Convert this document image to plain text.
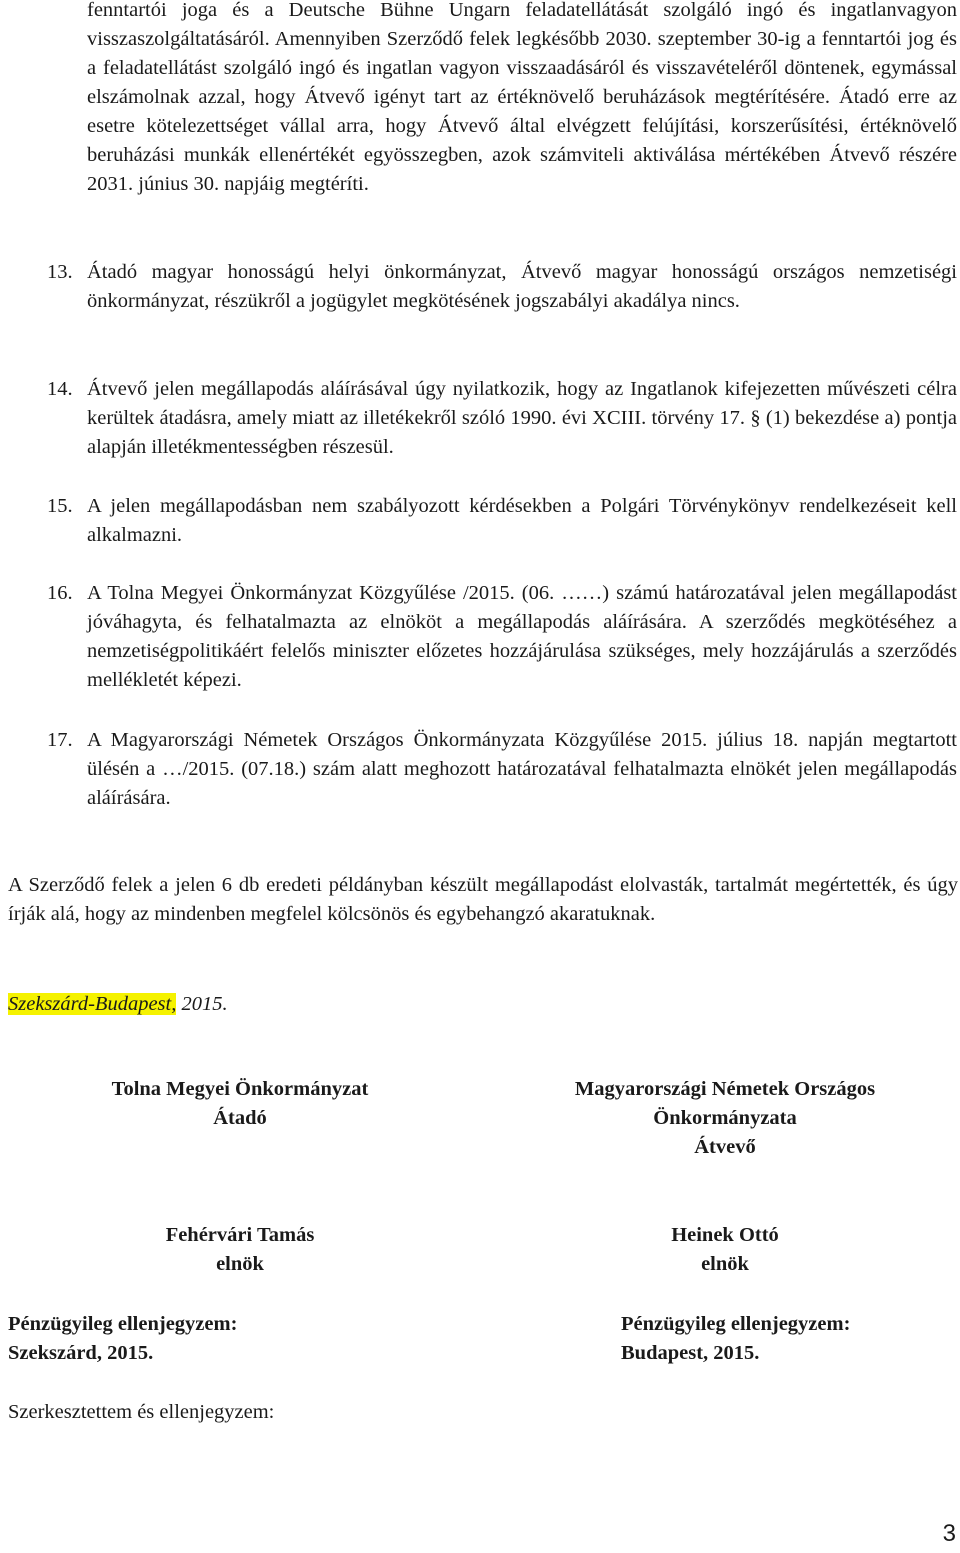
fenntartói joga és a Deutsche Bühne Ungarn feladatellátását szolgáló ingó és ingatlanvagyon visszaszolgáltatásáról. Amennyiben Szerződő felek legkésőbb 2030. szeptember 30-ig a fenntartói jog és a feladatellátást szolgáló ingó és ingatlan vagyon visszaadásáról és visszavételéről döntenek, egymással elszámolnak azzal, hogy Átvevő igényt tart az értéknövelő beruházások megtérítésére. Átadó erre az esetre kötelezettséget vállal arra, hogy Átvevő által elvégzett felújítási, korszerűsítési, értéknövelő beruházási munkák ellenértékét egyösszegben, azok számviteli aktiválása mértékében Átvevő részére 2031. június 30. napjáig megtéríti.

13. Átadó magyar honosságú helyi önkormányzat, Átvevő magyar honosságú országos nemzetiségi önkormányzat, részükről a jogügylet megkötésének jogszabályi akadálya nincs.

14. Átvevő jelen megállapodás aláírásával úgy nyilatkozik, hogy az Ingatlanok kifejezetten művészeti célra kerültek átadásra, amely miatt az illetékekről szóló 1990. évi XCIII. törvény 17. § (1) bekezdése a) pontja alapján illetékmentességben részesül.

15. A jelen megállapodásban nem szabályozott kérdésekben a Polgári Törvénykönyv rendelkezéseit kell alkalmazni.

16. A Tolna Megyei Önkormányzat Közgyűlése /2015. (06. ……) számú határozatával jelen megállapodást jóváhagyta, és felhatalmazta az elnököt a megállapodás aláírására. A szerződés megkötéséhez a nemzetiségpolitikáért felelős miniszter előzetes hozzájárulása szükséges, mely hozzájárulás a szerződés mellékletét képezi.

17. A Magyarországi Németek Országos Önkormányzata Közgyűlése 2015. július 18. napján megtartott ülésén a …/2015. (07.18.) szám alatt meghozott határozatával felhatalmazta elnökét jelen megállapodás aláírására.

A Szerződő felek a jelen 6 db eredeti példányban készült megállapodást elolvasták, tartalmát megértették, és úgy írják alá, hogy az mindenben megfelel kölcsönös és egybehangzó akaratuknak.

Szekszárd-Budapest, 2015.
Tolna Megyei Önkormányzat
Átadó
Magyarországi Németek Országos
Önkormányzata
Átvevő
Fehérvári Tamás
elnök
Heinek Ottó
elnök
Pénzügyileg ellenjegyzem:
Szekszárd, 2015.
Pénzügyileg ellenjegyzem:
Budapest, 2015.
Szerkesztettem és ellenjegyzem:
3
